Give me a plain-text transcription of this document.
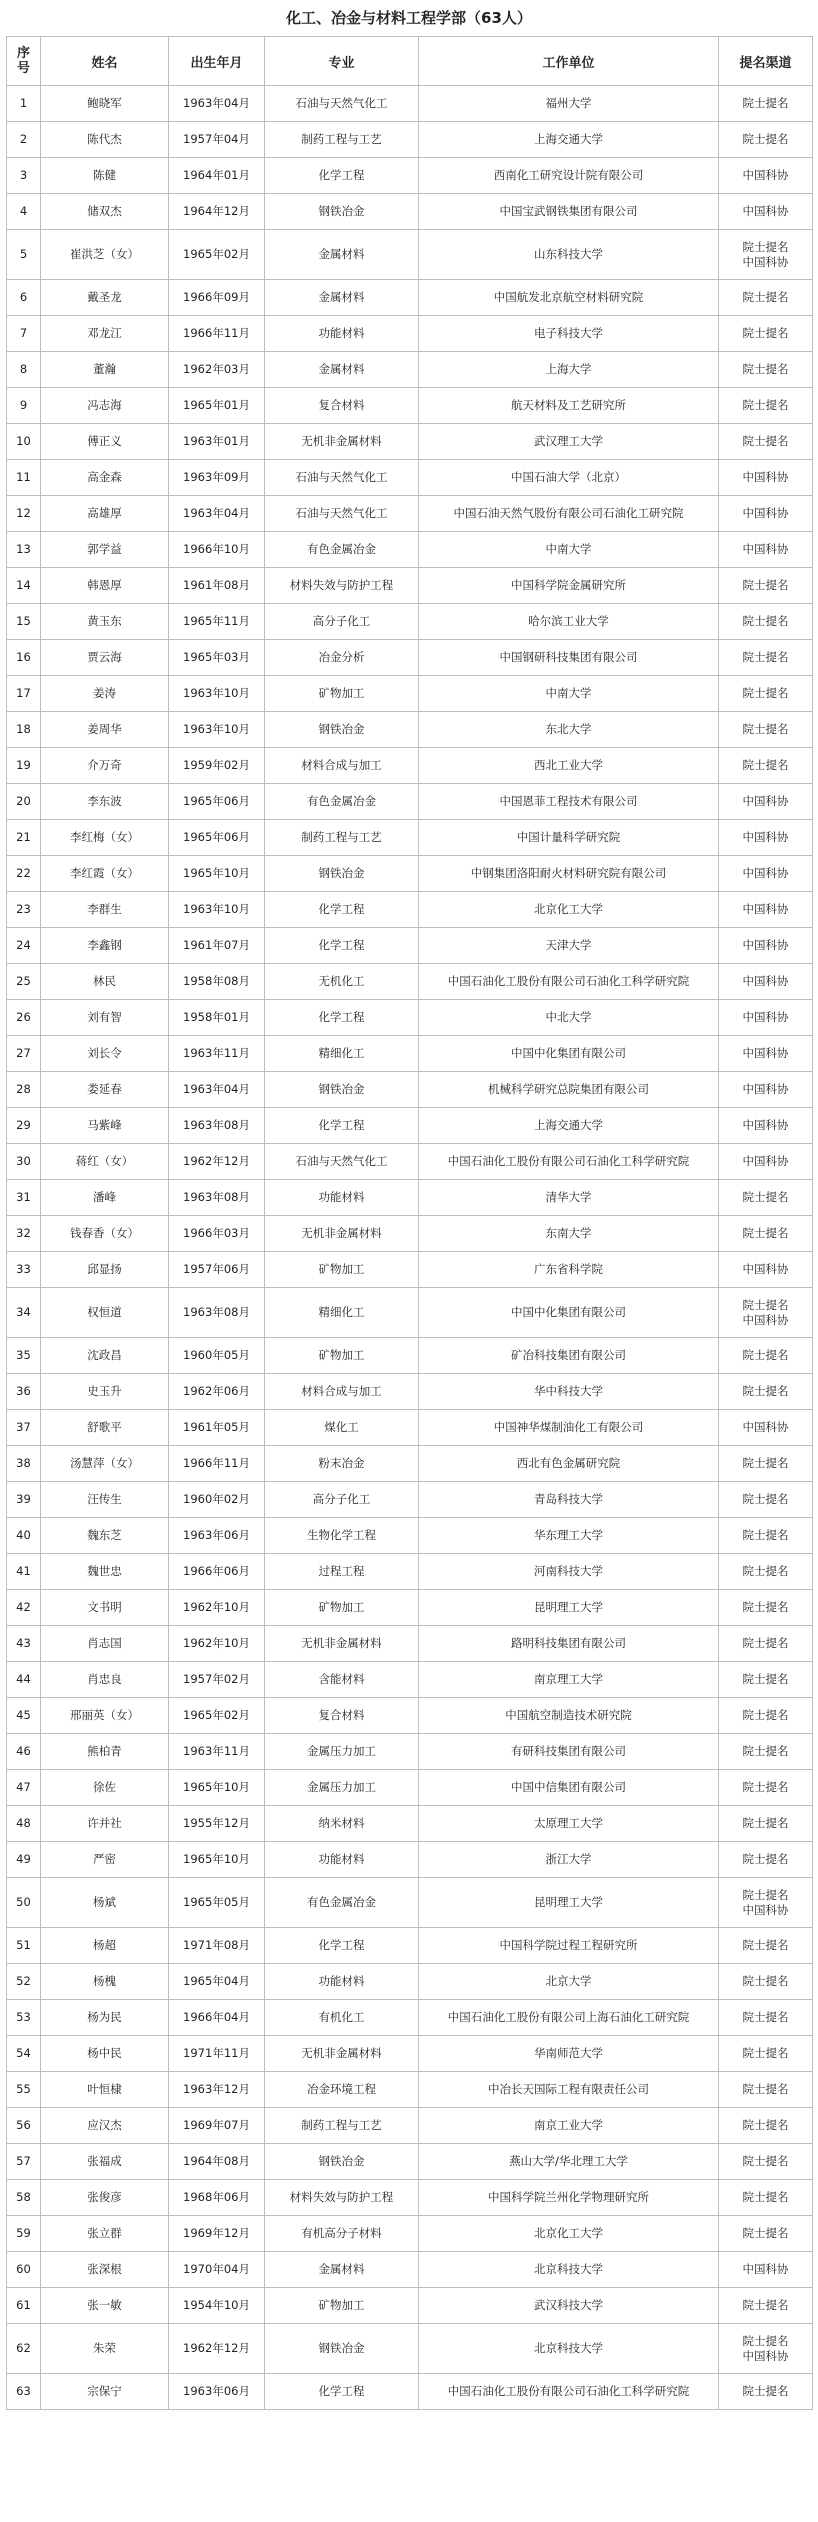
化工、冶金与材料工程学部（63人）
序号	姓名	出生年月	专业	工作单位	提名渠道
1	鲍晓军	1963年04月	石油与天然气化工	福州大学	院士提名
2	陈代杰	1957年04月	制药工程与工艺	上海交通大学	院士提名
3	陈健	1964年01月	化学工程	西南化工研究设计院有限公司	中国科协
4	储双杰	1964年12月	钢铁冶金	中国宝武钢铁集团有限公司	中国科协
5	崔洪芝（女）	1965年02月	金属材料	山东科技大学	院士提名
中国科协
6	戴圣龙	1966年09月	金属材料	中国航发北京航空材料研究院	院士提名
7	邓龙江	1966年11月	功能材料	电子科技大学	院士提名
8	董瀚	1962年03月	金属材料	上海大学	院士提名
9	冯志海	1965年01月	复合材料	航天材料及工艺研究所	院士提名
10	傅正义	1963年01月	无机非金属材料	武汉理工大学	院士提名
11	高金森	1963年09月	石油与天然气化工	中国石油大学（北京）	中国科协
12	高雄厚	1963年04月	石油与天然气化工	中国石油天然气股份有限公司石油化工研究院	中国科协
13	郭学益	1966年10月	有色金属冶金	中南大学	中国科协
14	韩恩厚	1961年08月	材料失效与防护工程	中国科学院金属研究所	院士提名
15	黄玉东	1965年11月	高分子化工	哈尔滨工业大学	院士提名
16	贾云海	1965年03月	冶金分析	中国钢研科技集团有限公司	院士提名
17	姜涛	1963年10月	矿物加工	中南大学	院士提名
18	姜周华	1963年10月	钢铁冶金	东北大学	院士提名
19	介万奇	1959年02月	材料合成与加工	西北工业大学	院士提名
20	李东波	1965年06月	有色金属冶金	中国恩菲工程技术有限公司	中国科协
21	李红梅（女）	1965年06月	制药工程与工艺	中国计量科学研究院	中国科协
22	李红霞（女）	1965年10月	钢铁冶金	中钢集团洛阳耐火材料研究院有限公司	中国科协
23	李群生	1963年10月	化学工程	北京化工大学	中国科协
24	李鑫钢	1961年07月	化学工程	天津大学	中国科协
25	林民	1958年08月	无机化工	中国石油化工股份有限公司石油化工科学研究院	中国科协
26	刘有智	1958年01月	化学工程	中北大学	中国科协
27	刘长令	1963年11月	精细化工	中国中化集团有限公司	中国科协
28	娄延春	1963年04月	钢铁冶金	机械科学研究总院集团有限公司	中国科协
29	马紫峰	1963年08月	化学工程	上海交通大学	中国科协
30	蒋红（女）	1962年12月	石油与天然气化工	中国石油化工股份有限公司石油化工科学研究院	中国科协
31	潘峰	1963年08月	功能材料	清华大学	院士提名
32	钱春香（女）	1966年03月	无机非金属材料	东南大学	院士提名
33	邱显扬	1957年06月	矿物加工	广东省科学院	中国科协
34	权恒道	1963年08月	精细化工	中国中化集团有限公司	院士提名
中国科协
35	沈政昌	1960年05月	矿物加工	矿冶科技集团有限公司	院士提名
36	史玉升	1962年06月	材料合成与加工	华中科技大学	院士提名
37	舒歌平	1961年05月	煤化工	中国神华煤制油化工有限公司	中国科协
38	汤慧萍（女）	1966年11月	粉末冶金	西北有色金属研究院	院士提名
39	汪传生	1960年02月	高分子化工	青岛科技大学	院士提名
40	魏东芝	1963年06月	生物化学工程	华东理工大学	院士提名
41	魏世忠	1966年06月	过程工程	河南科技大学	院士提名
42	文书明	1962年10月	矿物加工	昆明理工大学	院士提名
43	肖志国	1962年10月	无机非金属材料	路明科技集团有限公司	院士提名
44	肖忠良	1957年02月	含能材料	南京理工大学	院士提名
45	邢丽英（女）	1965年02月	复合材料	中国航空制造技术研究院	院士提名
46	熊柏青	1963年11月	金属压力加工	有研科技集团有限公司	院士提名
47	徐佐	1965年10月	金属压力加工	中国中信集团有限公司	院士提名
48	许并社	1955年12月	纳米材料	太原理工大学	院士提名
49	严密	1965年10月	功能材料	浙江大学	院士提名
50	杨斌	1965年05月	有色金属冶金	昆明理工大学	院士提名
中国科协
51	杨超	1971年08月	化学工程	中国科学院过程工程研究所	院士提名
52	杨槐	1965年04月	功能材料	北京大学	院士提名
53	杨为民	1966年04月	有机化工	中国石油化工股份有限公司上海石油化工研究院	院士提名
54	杨中民	1971年11月	无机非金属材料	华南师范大学	院士提名
55	叶恒棣	1963年12月	冶金环境工程	中冶长天国际工程有限责任公司	院士提名
56	应汉杰	1969年07月	制药工程与工艺	南京工业大学	院士提名
57	张福成	1964年08月	钢铁冶金	燕山大学/华北理工大学	院士提名
58	张俊彦	1968年06月	材料失效与防护工程	中国科学院兰州化学物理研究所	院士提名
59	张立群	1969年12月	有机高分子材料	北京化工大学	院士提名
60	张深根	1970年04月	金属材料	北京科技大学	中国科协
61	张一敏	1954年10月	矿物加工	武汉科技大学	院士提名
62	朱荣	1962年12月	钢铁冶金	北京科技大学	院士提名
中国科协
63	宗保宁	1963年06月	化学工程	中国石油化工股份有限公司石油化工科学研究院	院士提名
